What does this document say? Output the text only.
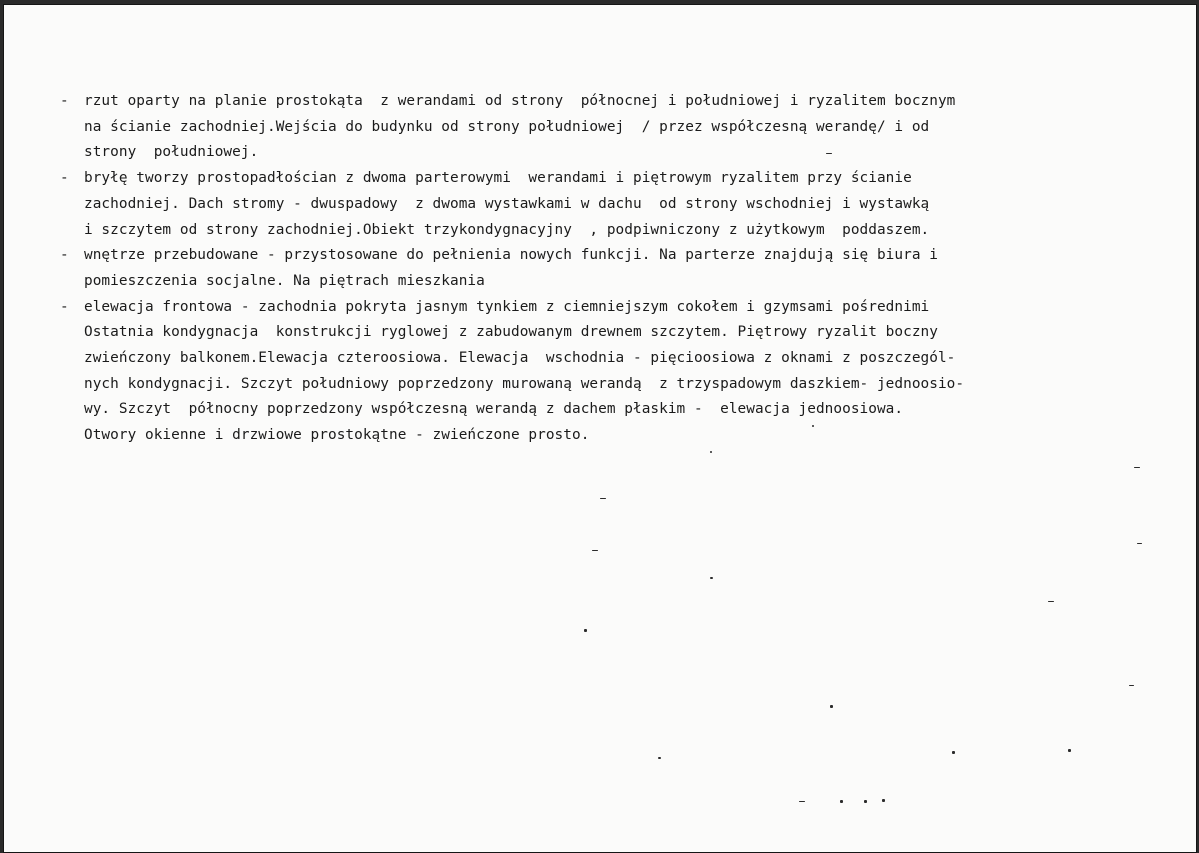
-	rzut oparty na planie prostokąta  z werandami od strony  północnej i południowej i ryzalitem bocznym
na ścianie zachodniej.Wejścia do budynku od strony południowej  / przez współczesną werandę/ i od
strony  południowej.
-	bryłę tworzy prostopadłościan z dwoma parterowymi  werandami i piętrowym ryzalitem przy ścianie
zachodniej. Dach stromy - dwuspadowy  z dwoma wystawkami w dachu  od strony wschodniej i wystawką
i szczytem od strony zachodniej.Obiekt trzykondygnacyjny  , podpiwniczony z użytkowym  poddaszem.
-	wnętrze przebudowane - przystosowane do pełnienia nowych funkcji. Na parterze znajdują się biura i
pomieszczenia socjalne. Na piętrach mieszkania
-	elewacja frontowa - zachodnia pokryta jasnym tynkiem z ciemniejszym cokołem i gzymsami pośrednimi
Ostatnia kondygnacja  konstrukcji ryglowej z zabudowanym drewnem szczytem. Piętrowy ryzalit boczny
zwieńczony balkonem.Elewacja czteroosiowa. Elewacja  wschodnia - pięcioosiowa z oknami z poszczegól-
nych kondygnacji. Szczyt południowy poprzedzony murowaną werandą  z trzyspadowym daszkiem- jednoosio-
wy. Szczyt  północny poprzedzony współczesną werandą z dachem płaskim -  elewacja jednoosiowa.
Otwory okienne i drzwiowe prostokątne - zwieńczone prosto.
